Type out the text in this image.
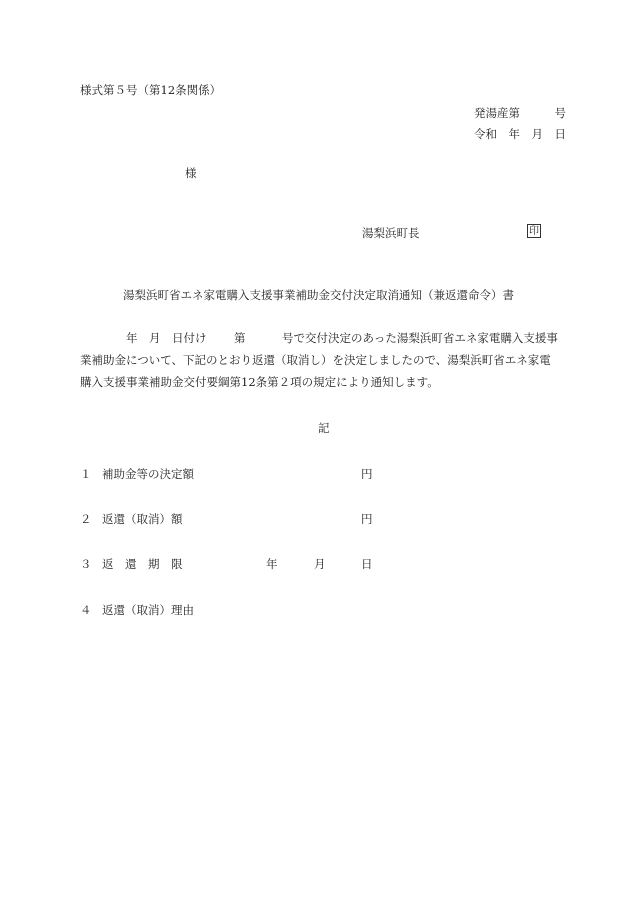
様式第５号（第12条関係）
発湯産第　　　号
令和　年　月　日
様
湯梨浜町長	印
湯梨浜町省エネ家電購入支援事業補助金交付決定取消通知（兼返還命令）書
年　月　日付け 第	号で交付決定のあった湯梨浜町省エネ家電購入支援事
業補助金について、下記のとおり返還（取消し）を決定しましたので、湯梨浜町省エネ家電
購入支援事業補助金交付要綱第12条第２項の規定により通知します。
記
１ 補助金等の決定額	円
２ 返還（取消）額	円
３ 返　還　期　限	年	月	日
４ 返還（取消）理由
